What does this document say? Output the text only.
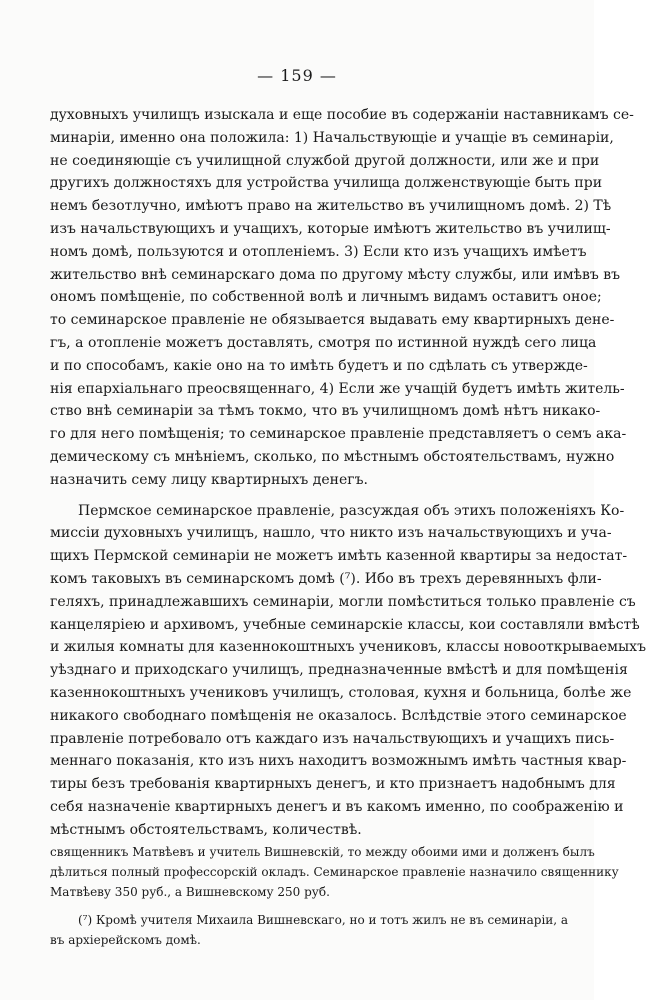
— 159 —
духовныхъ училищъ изыскала и еще пособие въ содержаніи наставникамъ се-
минаріи, именно она положила: 1) Начальствующіе и учащіе въ семинаріи,
не соединяющіе съ училищной службой другой должности, или же и при
другихъ должностяхъ для устройства училища долженствующіе быть при
немъ безотлучно, имѣютъ право на жительство въ училищномъ домѣ. 2) Тѣ
изъ начальствующихъ и учащихъ, которые имѣютъ жительство въ училищ-
номъ домѣ, пользуются и отопленіемъ. 3) Если кто изъ учащихъ имѣетъ
жительство внѣ семинарскаго дома по другому мѣсту службы, или имѣвъ въ
ономъ помѣщеніе, по собственной волѣ и личнымъ видамъ оставитъ оное;
то семинарское правленіе не обязывается выдавать ему квартирныхъ дене-
гъ, а отопленіе можетъ доставлять, смотря по истинной нуждѣ сего лица
и по способамъ, какіе оно на то имѣть будетъ и по сдѣлать съ утвержде-
нія епархіальнаго преосвященнаго, 4) Если же учащій будетъ имѣть житель-
ство внѣ семинаріи за тѣмъ токмо, что въ училищномъ домѣ нѣтъ никако-
го для него помѣщенія; то семинарское правленіе представляетъ о семъ ака-
демическому съ мнѣніемъ, сколько, по мѣстнымъ обстоятельствамъ, нужно
назначить сему лицу квартирныхъ денегъ.
Пермское семинарское правленіе, разсуждая объ этихъ положеніяхъ Ко-
миссіи духовныхъ училищъ, нашло, что никто изъ начальствующихъ и уча-
щихъ Пермской семинаріи не можетъ имѣть казенной квартиры за недостат-
комъ таковыхъ въ семинарскомъ домѣ (⁷). Ибо въ трехъ деревянныхъ фли-
геляхъ, принадлежавшихъ семинаріи, могли помѣститься только правленіе съ
канцеляріею и архивомъ, учебные семинарскіе классы, кои составляли вмѣстѣ
и жилыя комнаты для казеннокоштныхъ учениковъ, классы новооткрываемыхъ
уѣзднаго и приходскаго училищъ, предназначенные вмѣстѣ и для помѣщенія
казеннокоштныхъ учениковъ училищъ, столовая, кухня и больница, болѣе же
никакого свободнаго помѣщенія не оказалось. Вслѣдствіе этого семинарское
правленіе потребовало отъ каждаго изъ начальствующихъ и учащихъ пись-
меннаго показанія, кто изъ нихъ находитъ возможнымъ имѣть частныя квар-
тиры безъ требованія квартирныхъ денегъ, и кто признаетъ надобнымъ для
себя назначеніе квартирныхъ денегъ и въ какомъ именно, по соображенію и
мѣстнымъ обстоятельствамъ, количествѣ.
священникъ Матвѣевъ и учитель Вишневскій, то между обоими ими и долженъ былъ
дѣлиться полный профессорскій окладъ. Семинарское правленіе назначило священнику
Матвѣеву 350 руб., а Вишневскому 250 руб.
(⁷) Кромѣ учителя Михаила Вишневскаго, но и тотъ жилъ не въ семинаріи, а
въ архіерейскомъ домѣ.
